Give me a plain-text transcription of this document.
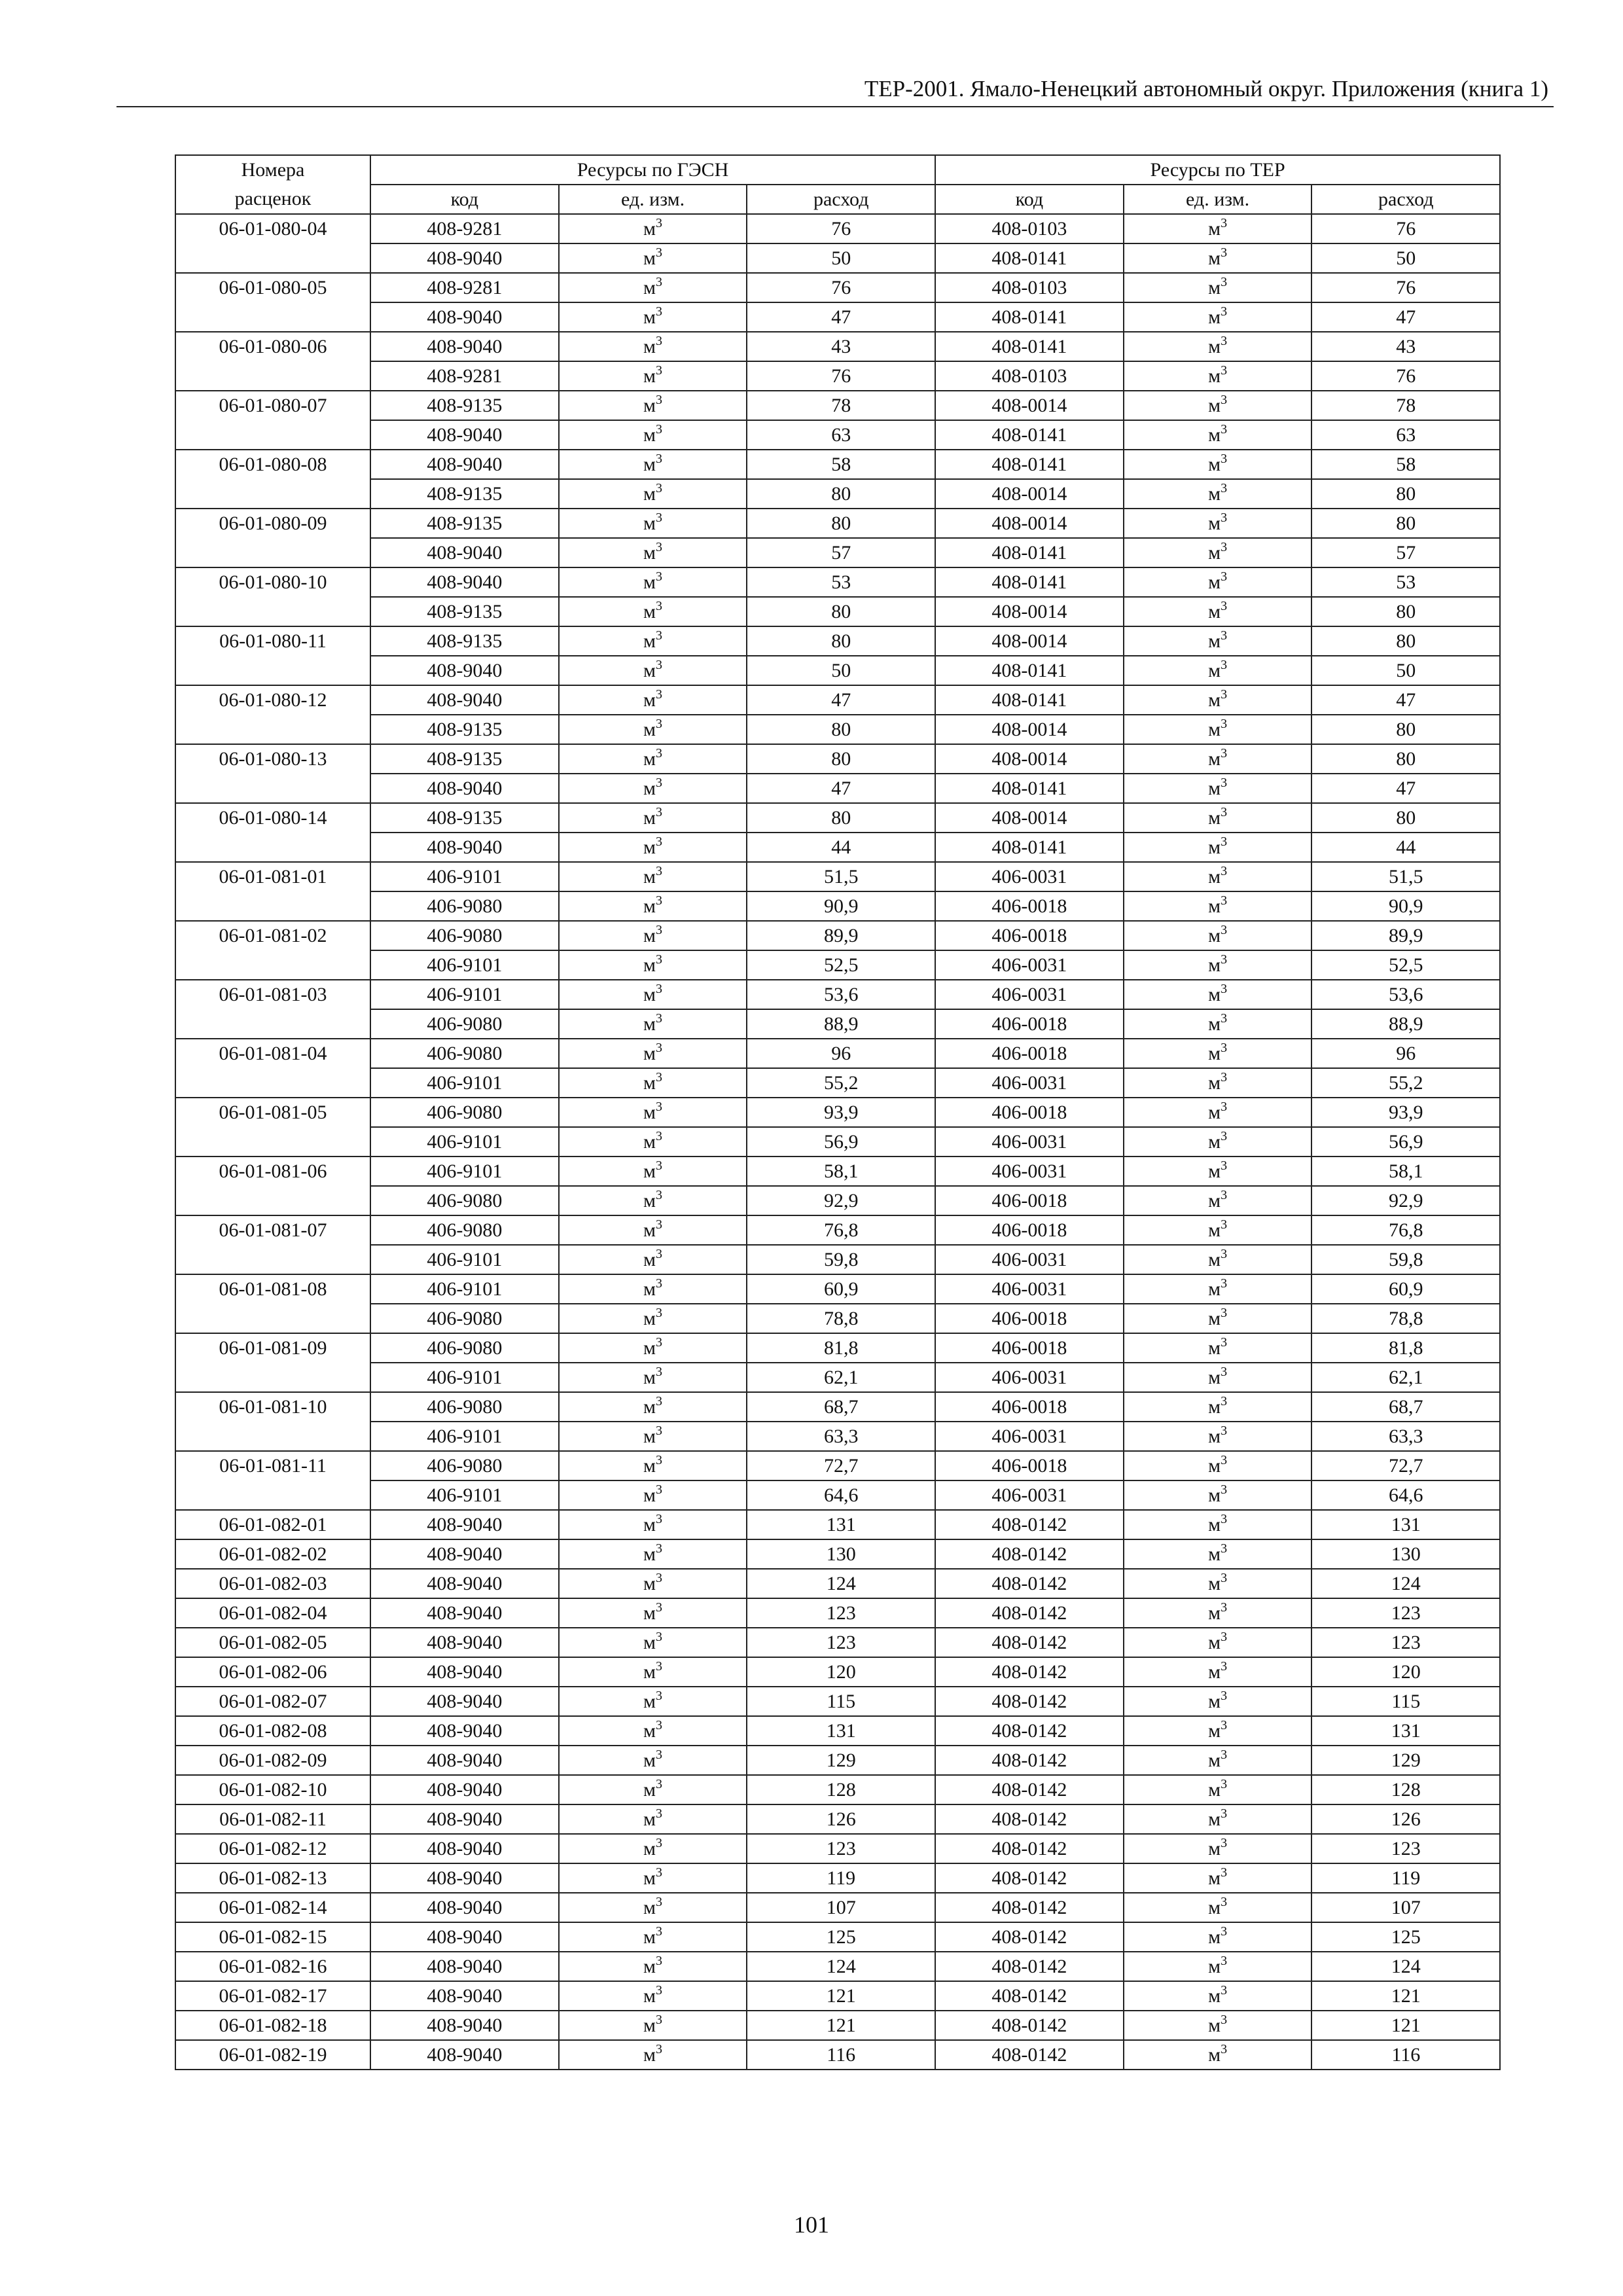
ТЕР-2001. Ямало-Ненецкий автономный округ. Приложения (книга 1)
Номера	Ресурсы по ГЭСН			Ресурсы по ТЕР		
расценок	код	ед. изм.	расход	код	ед. изм.	расход
06-01-080-04	408-9281	$м^3$	76	408-0103	$м^3$	76
	408-9040	$м^3$	50	408-0141	$м^3$	50
06-01-080-05	408-9281	$м^3$	76	408-0103	$м^3$	76
	408-9040	$м^3$	47	408-0141	$м^3$	47
06-01-080-06	408-9040	$м^3$	43	408-0141	$м^3$	43
	408-9281	$м^3$	76	408-0103	$м^3$	76
06-01-080-07	408-9135	$м^3$	78	408-0014	$м^3$	78
	408-9040	$м^3$	63	408-0141	$м^3$	63
06-01-080-08	408-9040	$м^3$	58	408-0141	$м^3$	58
	408-9135	$м^3$	80	408-0014	$м^3$	80
06-01-080-09	408-9135	$м^3$	80	408-0014	$м^3$	80
	408-9040	$м^3$	57	408-0141	$м^3$	57
06-01-080-10	408-9040	$м^3$	53	408-0141	$м^3$	53
	408-9135	$м^3$	80	408-0014	$м^3$	80
06-01-080-11	408-9135	$м^3$	80	408-0014	$м^3$	80
	408-9040	$м^3$	50	408-0141	$м^3$	50
06-01-080-12	408-9040	$м^3$	47	408-0141	$м^3$	47
	408-9135	$м^3$	80	408-0014	$м^3$	80
06-01-080-13	408-9135	$м^3$	80	408-0014	$м^3$	80
	408-9040	$м^3$	47	408-0141	$м^3$	47
06-01-080-14	408-9135	$м^3$	80	408-0014	$м^3$	80
	408-9040	$м^3$	44	408-0141	$м^3$	44
06-01-081-01	406-9101	$м^3$	51,5	406-0031	$м^3$	51,5
	406-9080	$м^3$	90,9	406-0018	$м^3$	90,9
06-01-081-02	406-9080	$м^3$	89,9	406-0018	$м^3$	89,9
	406-9101	$м^3$	52,5	406-0031	$м^3$	52,5
06-01-081-03	406-9101	$м^3$	53,6	406-0031	$м^3$	53,6
	406-9080	$м^3$	88,9	406-0018	$м^3$	88,9
06-01-081-04	406-9080	$м^3$	96	406-0018	$м^3$	96
	406-9101	$м^3$	55,2	406-0031	$м^3$	55,2
06-01-081-05	406-9080	$м^3$	93,9	406-0018	$м^3$	93,9
	406-9101	$м^3$	56,9	406-0031	$м^3$	56,9
06-01-081-06	406-9101	$м^3$	58,1	406-0031	$м^3$	58,1
	406-9080	$м^3$	92,9	406-0018	$м^3$	92,9
06-01-081-07	406-9080	$м^3$	76,8	406-0018	$м^3$	76,8
	406-9101	$м^3$	59,8	406-0031	$м^3$	59,8
06-01-081-08	406-9101	$м^3$	60,9	406-0031	$м^3$	60,9
	406-9080	$м^3$	78,8	406-0018	$м^3$	78,8
06-01-081-09	406-9080	$м^3$	81,8	406-0018	$м^3$	81,8
	406-9101	$м^3$	62,1	406-0031	$м^3$	62,1
06-01-081-10	406-9080	$м^3$	68,7	406-0018	$м^3$	68,7
	406-9101	$м^3$	63,3	406-0031	$м^3$	63,3
06-01-081-11	406-9080	$м^3$	72,7	406-0018	$м^3$	72,7
	406-9101	$м^3$	64,6	406-0031	$м^3$	64,6
06-01-082-01	408-9040	$м^3$	131	408-0142	$м^3$	131
06-01-082-02	408-9040	$м^3$	130	408-0142	$м^3$	130
06-01-082-03	408-9040	$м^3$	124	408-0142	$м^3$	124
06-01-082-04	408-9040	$м^3$	123	408-0142	$м^3$	123
06-01-082-05	408-9040	$м^3$	123	408-0142	$м^3$	123
06-01-082-06	408-9040	$м^3$	120	408-0142	$м^3$	120
06-01-082-07	408-9040	$м^3$	115	408-0142	$м^3$	115
06-01-082-08	408-9040	$м^3$	131	408-0142	$м^3$	131
06-01-082-09	408-9040	$м^3$	129	408-0142	$м^3$	129
06-01-082-10	408-9040	$м^3$	128	408-0142	$м^3$	128
06-01-082-11	408-9040	$м^3$	126	408-0142	$м^3$	126
06-01-082-12	408-9040	$м^3$	123	408-0142	$м^3$	123
06-01-082-13	408-9040	$м^3$	119	408-0142	$м^3$	119
06-01-082-14	408-9040	$м^3$	107	408-0142	$м^3$	107
06-01-082-15	408-9040	$м^3$	125	408-0142	$м^3$	125
06-01-082-16	408-9040	$м^3$	124	408-0142	$м^3$	124
06-01-082-17	408-9040	$м^3$	121	408-0142	$м^3$	121
06-01-082-18	408-9040	$м^3$	121	408-0142	$м^3$	121
06-01-082-19	408-9040	$м^3$	116	408-0142	$м^3$	116
101
